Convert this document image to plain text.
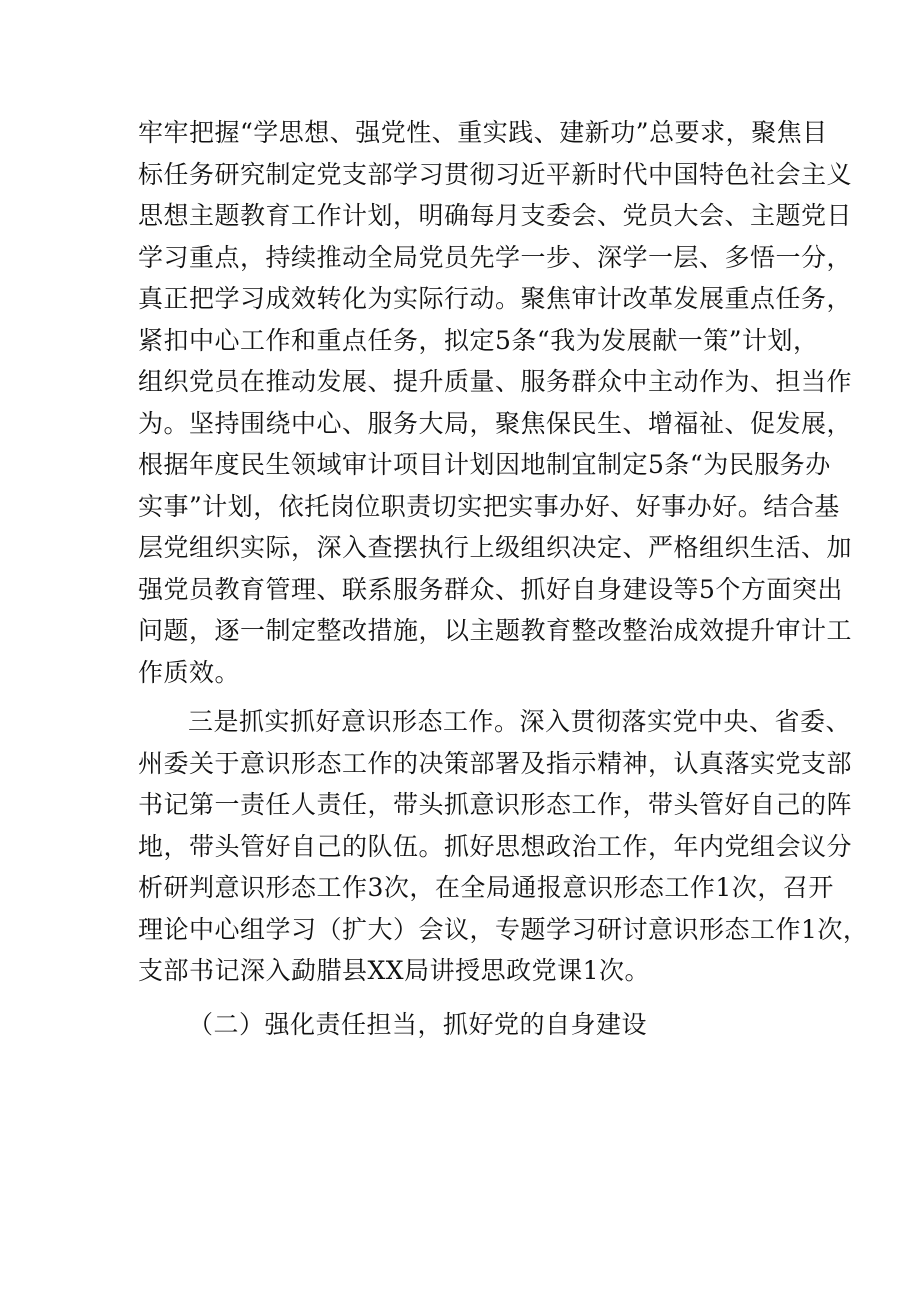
牢牢把握“学思想、强党性、重实践、建新功”总要求，聚焦目
标任务研究制定党支部学习贯彻习近平新时代中国特色社会主义
思想主题教育工作计划，明确每月支委会、党员大会、主题党日
学习重点，持续推动全局党员先学一步、深学一层、多悟一分，
真正把学习成效转化为实际行动。聚焦审计改革发展重点任务，
紧扣中心工作和重点任务，拟定5条“我为发展献一策”计划，
组织党员在推动发展、提升质量、服务群众中主动作为、担当作
为。坚持围绕中心、服务大局，聚焦保民生、增福祉、促发展，
根据年度民生领域审计项目计划因地制宜制定5条“为民服务办
实事”计划，依托岗位职责切实把实事办好、好事办好。结合基
层党组织实际，深入查摆执行上级组织决定、严格组织生活、加
强党员教育管理、联系服务群众、抓好自身建设等5个方面突出
问题，逐一制定整改措施，以主题教育整改整治成效提升审计工
作质效。
三是抓实抓好意识形态工作。深入贯彻落实党中央、省委、
州委关于意识形态工作的决策部署及指示精神，认真落实党支部
书记第一责任人责任，带头抓意识形态工作，带头管好自己的阵
地，带头管好自己的队伍。抓好思想政治工作，年内党组会议分
析研判意识形态工作3次，在全局通报意识形态工作1次，召开
理论中心组学习（扩大）会议，专题学习研讨意识形态工作1次，
支部书记深入勐腊县XX局讲授思政党课1次。
（二）强化责任担当，抓好党的自身建设
